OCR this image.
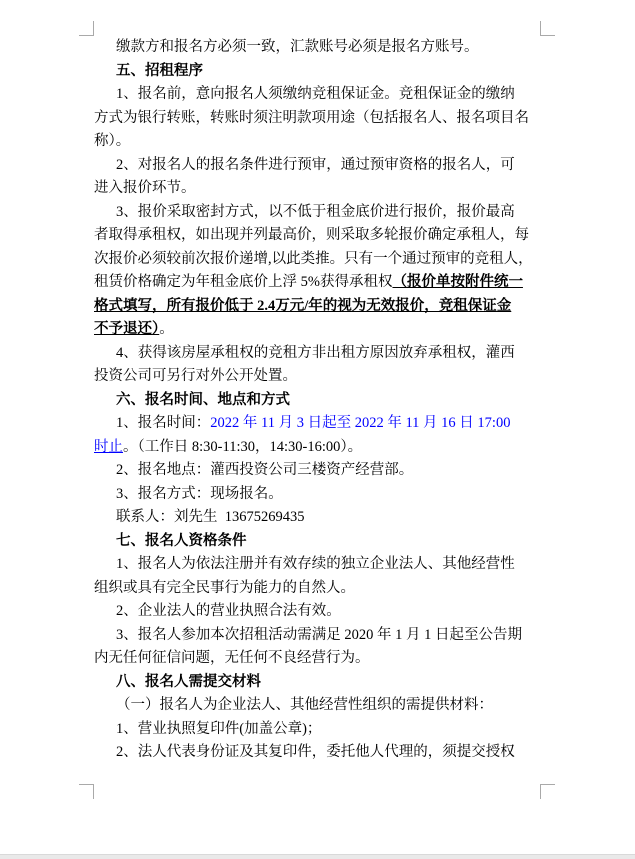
缴款方和报名方必须一致，汇款账号必须是报名方账号。
五、招租程序
1、报名前，意向报名人须缴纳竞租保证金。竞租保证金的缴纳
方式为银行转账，转账时须注明款项用途（包括报名人、报名项目名
称）。
2、对报名人的报名条件进行预审，通过预审资格的报名人，可
进入报价环节。
3、报价采取密封方式，以不低于租金底价进行报价，报价最高
者取得承租权，如出现并列最高价，则采取多轮报价确定承租人，每
次报价必须较前次报价递增,以此类推。只有一个通过预审的竞租人，
租赁价格确定为年租金底价上浮 5%获得承租权（报价单按附件统一
格式填写，所有报价低于 2.4万元/年的视为无效报价，竞租保证金
不予退还）。
4、获得该房屋承租权的竞租方非出租方原因放弃承租权，灌西
投资公司可另行对外公开处置。
六、报名时间、地点和方式
1、报名时间：2022 年 11 月 3 日起至 2022 年 11 月 16 日 17:00
时止。（工作日 8:30-11:30，14:30-16:00）。
2、报名地点：灌西投资公司三楼资产经营部。
3、报名方式：现场报名。
联系人：刘先生  13675269435
七、报名人资格条件
1、报名人为依法注册并有效存续的独立企业法人、其他经营性
组织或具有完全民事行为能力的自然人。
2、企业法人的营业执照合法有效。
3、报名人参加本次招租活动需满足 2020 年 1 月 1 日起至公告期
内无任何征信问题，无任何不良经营行为。
八、报名人需提交材料
（一）报名人为企业法人、其他经营性组织的需提供材料：
1、营业执照复印件(加盖公章)；
2、法人代表身份证及其复印件，委托他人代理的，须提交授权
